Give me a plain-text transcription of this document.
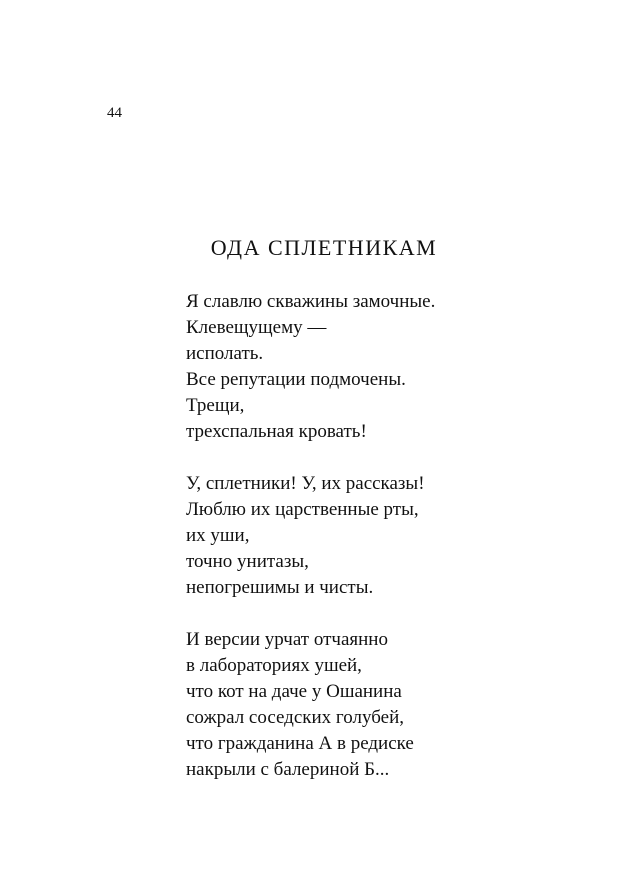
44
ОДА СПЛЕТНИКАМ

Я славлю скважины замочные.
Клевещущему —
исполать.
Все репутации подмочены.
Трещи,
трехспальная кровать!

У, сплетники! У, их рассказы!
Люблю их царственные рты,
их уши,
точно унитазы,
непогрешимы и чисты.

И версии урчат отчаянно
в лабораториях ушей,
что кот на даче у Ошанина
сожрал соседских голубей,
что гражданина А в редиске
накрыли с балериной Б...
